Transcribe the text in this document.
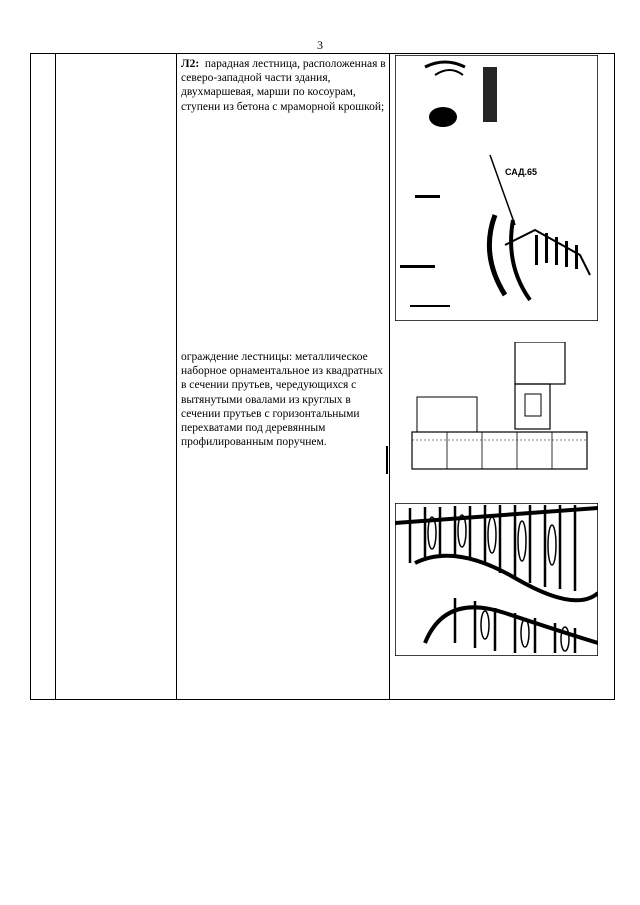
3

Л2: парадная лестница, расположенная в северо-западной части здания, двухмаршевая, марши по косоурам, ступени из бетона с мраморной крошкой;
ограждение лестницы: металлическое наборное орнаментальное из квадратных в сечении прутьев, чередующихся с вытянутыми овалами из круглых в сечении прутьев с горизонтальными перехватами под деревянным профилированным поручнем.
САД.65
